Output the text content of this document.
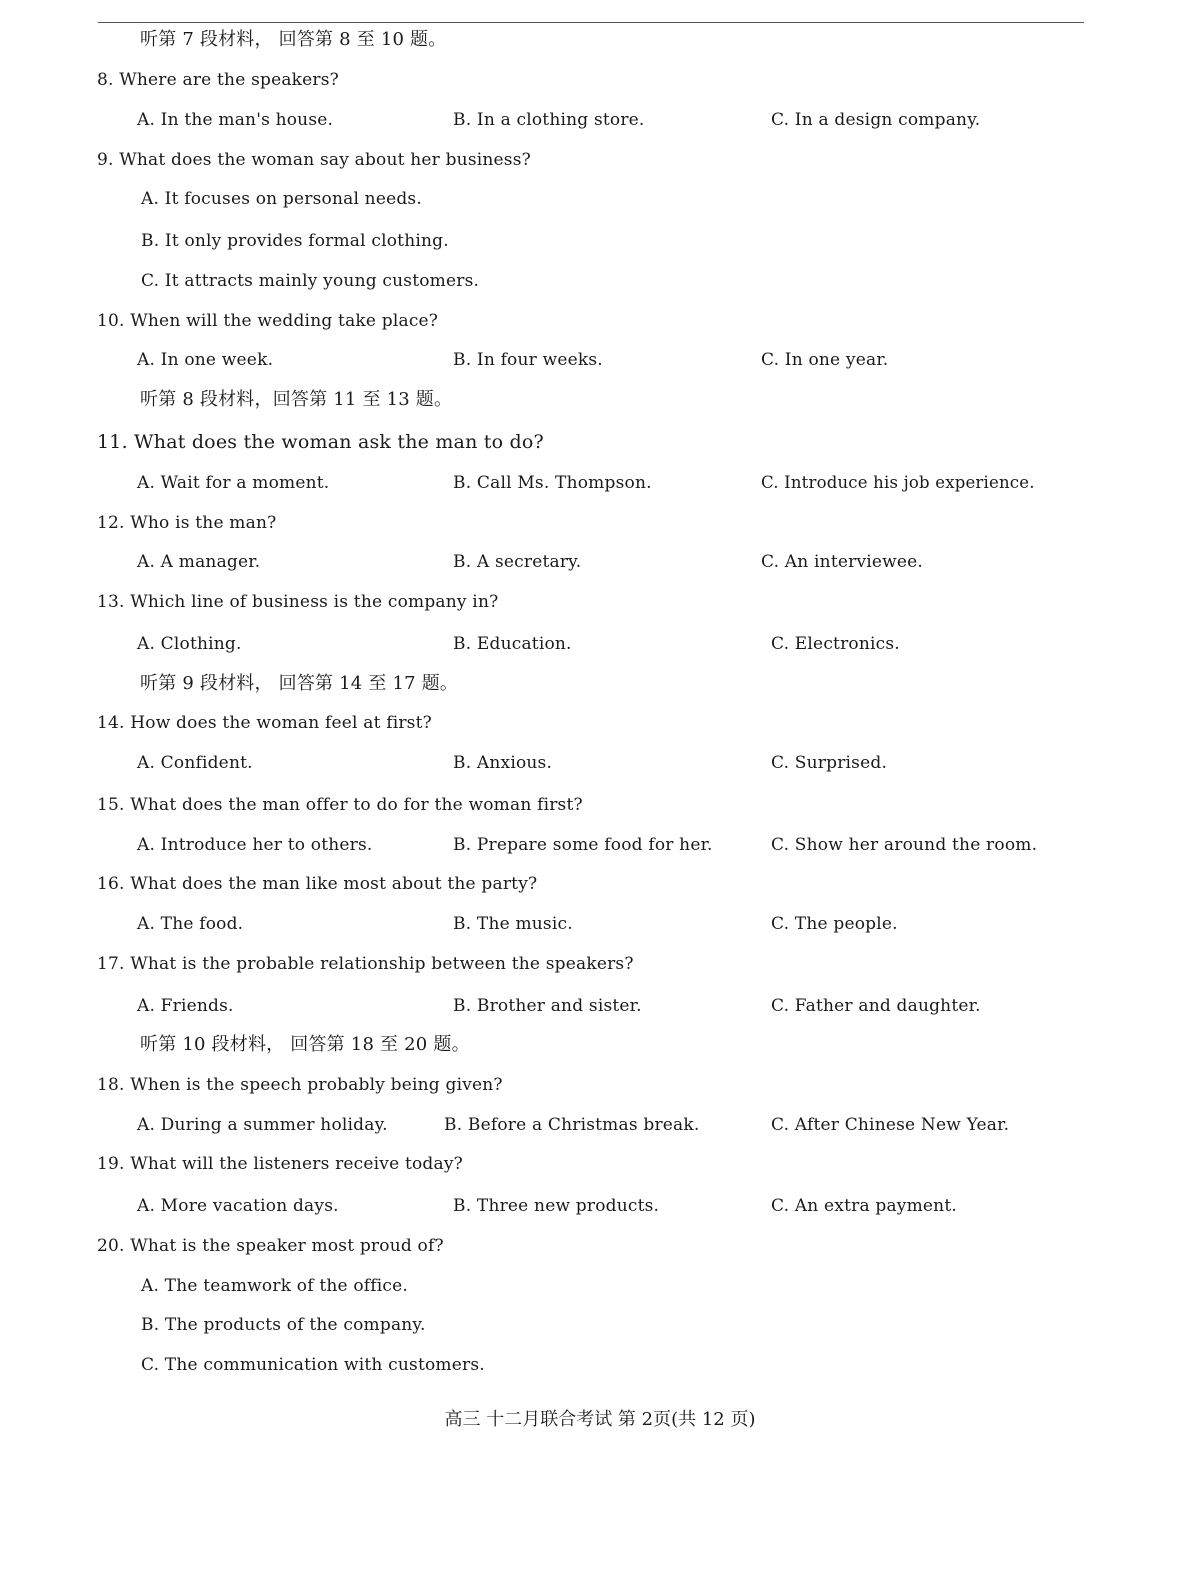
听第 7 段材料， 回答第 8 至 10 题。
8. Where are the speakers?
A. In the man's house.	B. In a clothing store.	C. In a design company.
9. What does the woman say about her business?
A. It focuses on personal needs.
B. It only provides formal clothing.
C. It attracts mainly young customers.
10. When will the wedding take place?
A. In one week.	B. In four weeks.	C. In one year.
听第 8 段材料，回答第 11 至 13 题。
11. What does the woman ask the man to do?
A. Wait for a moment.	B. Call Ms. Thompson.	C. Introduce his job experience.
12. Who is the man?
A. A manager.	B. A secretary.	C. An interviewee.
13. Which line of business is the company in?
A. Clothing.	B. Education.	C. Electronics.
听第 9 段材料， 回答第 14 至 17 题。
14. How does the woman feel at first?
A. Confident.	B. Anxious.	C. Surprised.
15. What does the man offer to do for the woman first?
A. Introduce her to others.	B. Prepare some food for her.	C. Show her around the room.
16. What does the man like most about the party?
A. The food.	B. The music.	C. The people.
17. What is the probable relationship between the speakers?
A. Friends.	B. Brother and sister.	C. Father and daughter.
听第 10 段材料， 回答第 18 至 20 题。
18. When is the speech probably being given?
A. During a summer holiday.	B. Before a Christmas break.	C. After Chinese New Year.
19. What will the listeners receive today?
A. More vacation days.	B. Three new products.	C. An extra payment.
20. What is the speaker most proud of?
A. The teamwork of the office.
B. The products of the company.
C. The communication with customers.
高三 十二月联合考试 第 2页(共 12 页)
